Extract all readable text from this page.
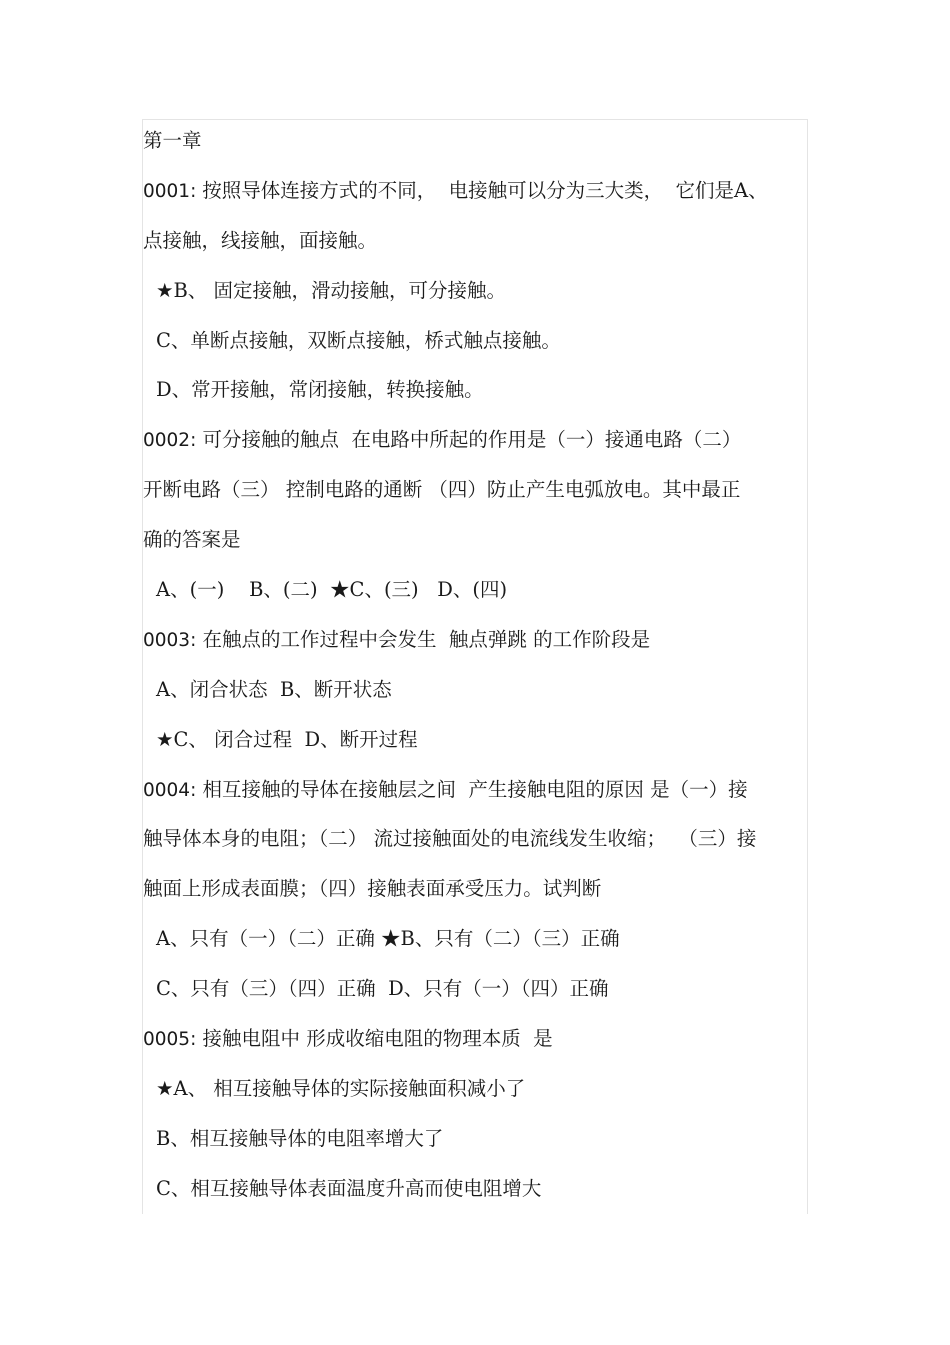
第一章
0001: 按照导体连接方式的不同，  电接触可以分为三大类，  它们是A、
点接触，线接触，面接触。
★B、 固定接触，滑动接触，可分接触。
C、单断点接触，双断点接触，桥式触点接触。
D、常开接触，常闭接触，转换接触。
0002: 可分接触的触点  在电路中所起的作用是（一）接通电路（二）
开断电路（三） 控制电路的通断 （四）防止产生电弧放电。其中最正
确的答案是
A、(一)    B、(二)  ★C、(三)   D、(四)
0003: 在触点的工作过程中会发生  触点弹跳 的工作阶段是
A、闭合状态  B、断开状态
★C、 闭合过程  D、断开过程
0004: 相互接触的导体在接触层之间  产生接触电阻的原因 是（一）接
触导体本身的电阻；（二） 流过接触面处的电流线发生收缩；  （三）接
触面上形成表面膜；（四）接触表面承受压力。试判断
A、只有（一）（二）正确 ★B、只有（二）（三）正确
C、只有（三）（四）正确  D、只有（一）（四）正确
0005: 接触电阻中 形成收缩电阻的物理本质  是
★A、 相互接触导体的实际接触面积减小了
B、相互接触导体的电阻率增大了
C、相互接触导体表面温度升高而使电阻增大
